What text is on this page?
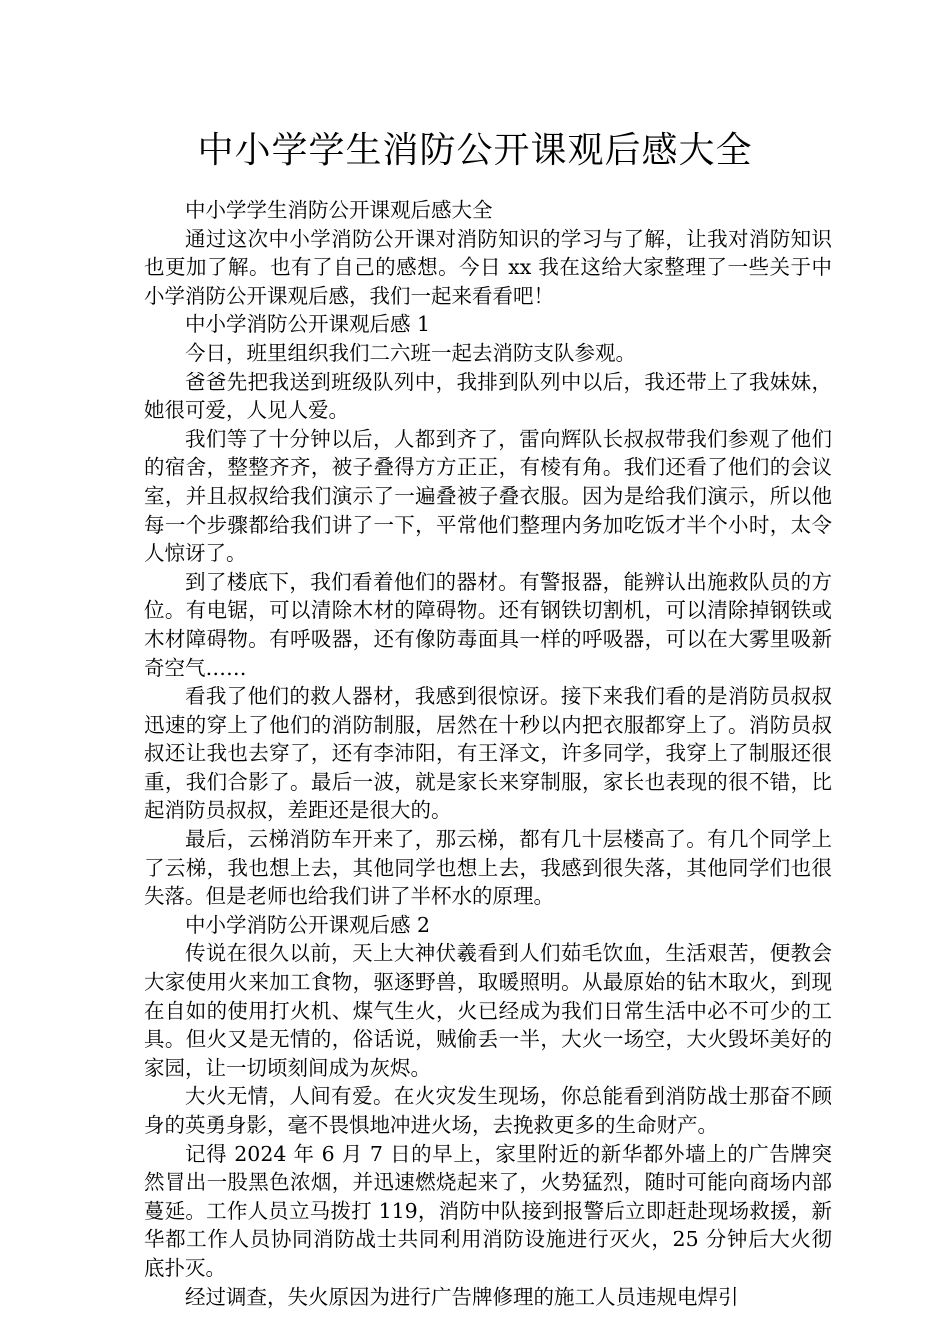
中小学学生消防公开课观后感大全

中小学学生消防公开课观后感大全

通过这次中小学消防公开课对消防知识的学习与了解，让我对消防知识也更加了解。也有了自己的感想。今日 xx 我在这给大家整理了一些关于中小学消防公开课观后感，我们一起来看看吧！

中小学消防公开课观后感 1

今日，班里组织我们二六班一起去消防支队参观。

爸爸先把我送到班级队列中，我排到队列中以后，我还带上了我妹妹，她很可爱，人见人爱。

我们等了十分钟以后，人都到齐了，雷向辉队长叔叔带我们参观了他们的宿舍，整整齐齐，被子叠得方方正正，有棱有角。我们还看了他们的会议室，并且叔叔给我们演示了一遍叠被子叠衣服。因为是给我们演示，所以他每一个步骤都给我们讲了一下，平常他们整理内务加吃饭才半个小时，太令人惊讶了。

到了楼底下，我们看着他们的器材。有警报器，能辨认出施救队员的方位。有电锯，可以清除木材的障碍物。还有钢铁切割机，可以清除掉钢铁或木材障碍物。有呼吸器，还有像防毒面具一样的呼吸器，可以在大雾里吸新奇空气……

看我了他们的救人器材，我感到很惊讶。接下来我们看的是消防员叔叔迅速的穿上了他们的消防制服，居然在十秒以内把衣服都穿上了。消防员叔叔还让我也去穿了，还有李沛阳，有王泽文，许多同学，我穿上了制服还很重，我们合影了。最后一波，就是家长来穿制服，家长也表现的很不错，比起消防员叔叔，差距还是很大的。

最后，云梯消防车开来了，那云梯，都有几十层楼高了。有几个同学上了云梯，我也想上去，其他同学也想上去，我感到很失落，其他同学们也很失落。但是老师也给我们讲了半杯水的原理。

中小学消防公开课观后感 2

传说在很久以前，天上大神伏羲看到人们茹毛饮血，生活艰苦，便教会大家使用火来加工食物，驱逐野兽，取暖照明。从最原始的钻木取火，到现在自如的使用打火机、煤气生火，火已经成为我们日常生活中必不可少的工具。但火又是无情的，俗话说，贼偷丢一半，大火一场空，大火毁坏美好的家园，让一切顷刻间成为灰烬。

大火无情，人间有爱。在火灾发生现场，你总能看到消防战士那奋不顾身的英勇身影，毫不畏惧地冲进火场，去挽救更多的生命财产。

记得 2024 年 6 月 7 日的早上，家里附近的新华都外墙上的广告牌突然冒出一股黑色浓烟，并迅速燃烧起来了，火势猛烈，随时可能向商场内部蔓延。工作人员立马拨打 119，消防中队接到报警后立即赶赴现场救援，新华都工作人员协同消防战士共同利用消防设施进行灭火，25 分钟后大火彻底扑灭。

经过调查，失火原因为进行广告牌修理的施工人员违规电焊引
